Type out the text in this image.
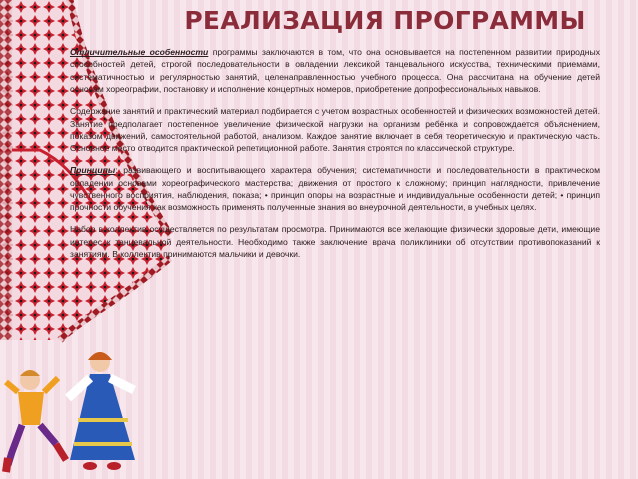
РЕАЛИЗАЦИЯ ПРОГРАММЫ

Отличительные особенности программы заключаются в том, что она основывается на постепенном развитии природных способностей детей, строгой последовательности в овладении лексикой танцевального искусства, техническими приемами, систематичностью и регулярностью занятий, целенаправленностью учебного процесса. Она рассчитана на обучение детей основам хореографии, постановку и исполнение концертных номеров, приобретение допрофессиональных навыков.

Содержание занятий и практический материал подбирается с учетом возрастных особенностей и физических возможностей детей. Занятие предполагает постепенное увеличение физической нагрузки на организм ребёнка и сопровождается объяснением, показом движений, самостоятельной работой, анализом. Каждое занятие включает в себя теоретическую и практическую часть. Основное место отводится практической репетиционной работе. Занятия строятся по классической структуре.

Принципы: развивающего и воспитывающего характера обучения; систематичности и последовательности в практическом овладении основами хореографического мастерства; движения от простого к сложному; принцип наглядности, привлечение чувственного восприятия, наблюдения, показа; • принцип опоры на возрастные и индивидуальные особенности детей; • принцип прочности обучения как возможность применять полученные знания во внеурочной деятельности, в учебных целях.

Набор в коллектив осуществляется по результатам просмотра. Принимаются все желающие физически здоровые дети, имеющие интерес к танцевальной деятельности. Необходимо также заключение врача поликлиники об отсутствии противопоказаний к занятиям. В коллектив принимаются мальчики и девочки.
